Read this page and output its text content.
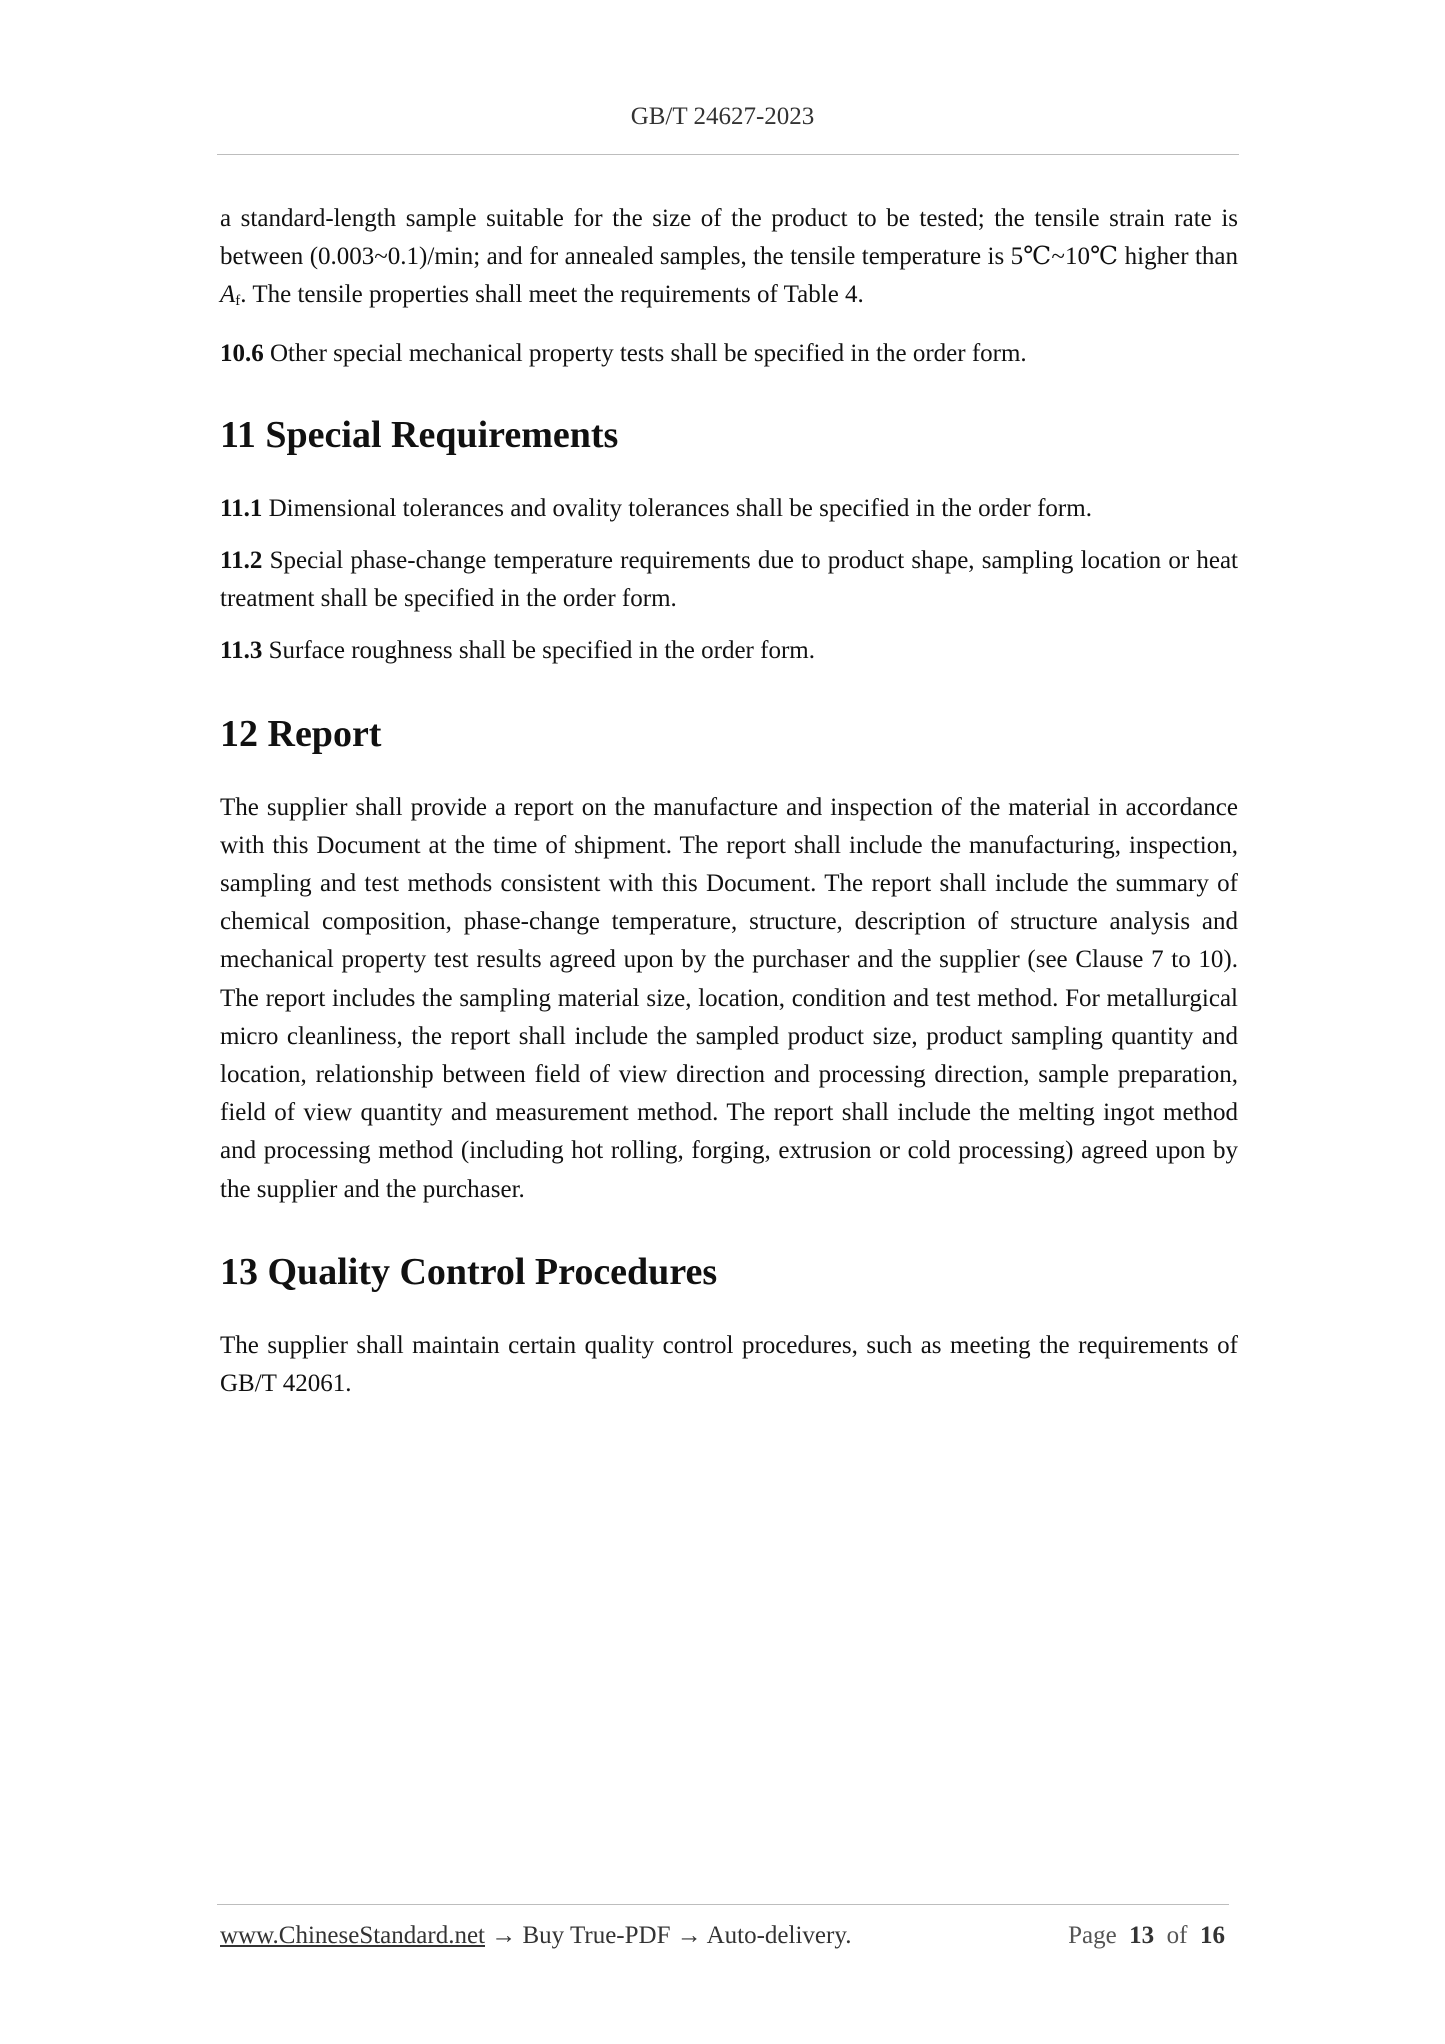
GB/T 24627-2023

a standard-length sample suitable for the size of the product to be tested; the tensile strain rate is between (0.003~0.1)/min; and for annealed samples, the tensile temperature is 5℃~10℃ higher than Af. The tensile properties shall meet the requirements of Table 4.

10.6 Other special mechanical property tests shall be specified in the order form.

11 Special Requirements

11.1 Dimensional tolerances and ovality tolerances shall be specified in the order form.

11.2 Special phase-change temperature requirements due to product shape, sampling location or heat treatment shall be specified in the order form.

11.3 Surface roughness shall be specified in the order form.

12 Report

The supplier shall provide a report on the manufacture and inspection of the material in accordance with this Document at the time of shipment. The report shall include the manufacturing, inspection, sampling and test methods consistent with this Document. The report shall include the summary of chemical composition, phase-change temperature, structure, description of structure analysis and mechanical property test results agreed upon by the purchaser and the supplier (see Clause 7 to 10). The report includes the sampling material size, location, condition and test method. For metallurgical micro cleanliness, the report shall include the sampled product size, product sampling quantity and location, relationship between field of view direction and processing direction, sample preparation, field of view quantity and measurement method. The report shall include the melting ingot method and processing method (including hot rolling, forging, extrusion or cold processing) agreed upon by the supplier and the purchaser.

13 Quality Control Procedures

The supplier shall maintain certain quality control procedures, such as meeting the requirements of GB/T 42061.

www.ChineseStandard.net → Buy True-PDF → Auto-delivery.	Page 13 of 16
